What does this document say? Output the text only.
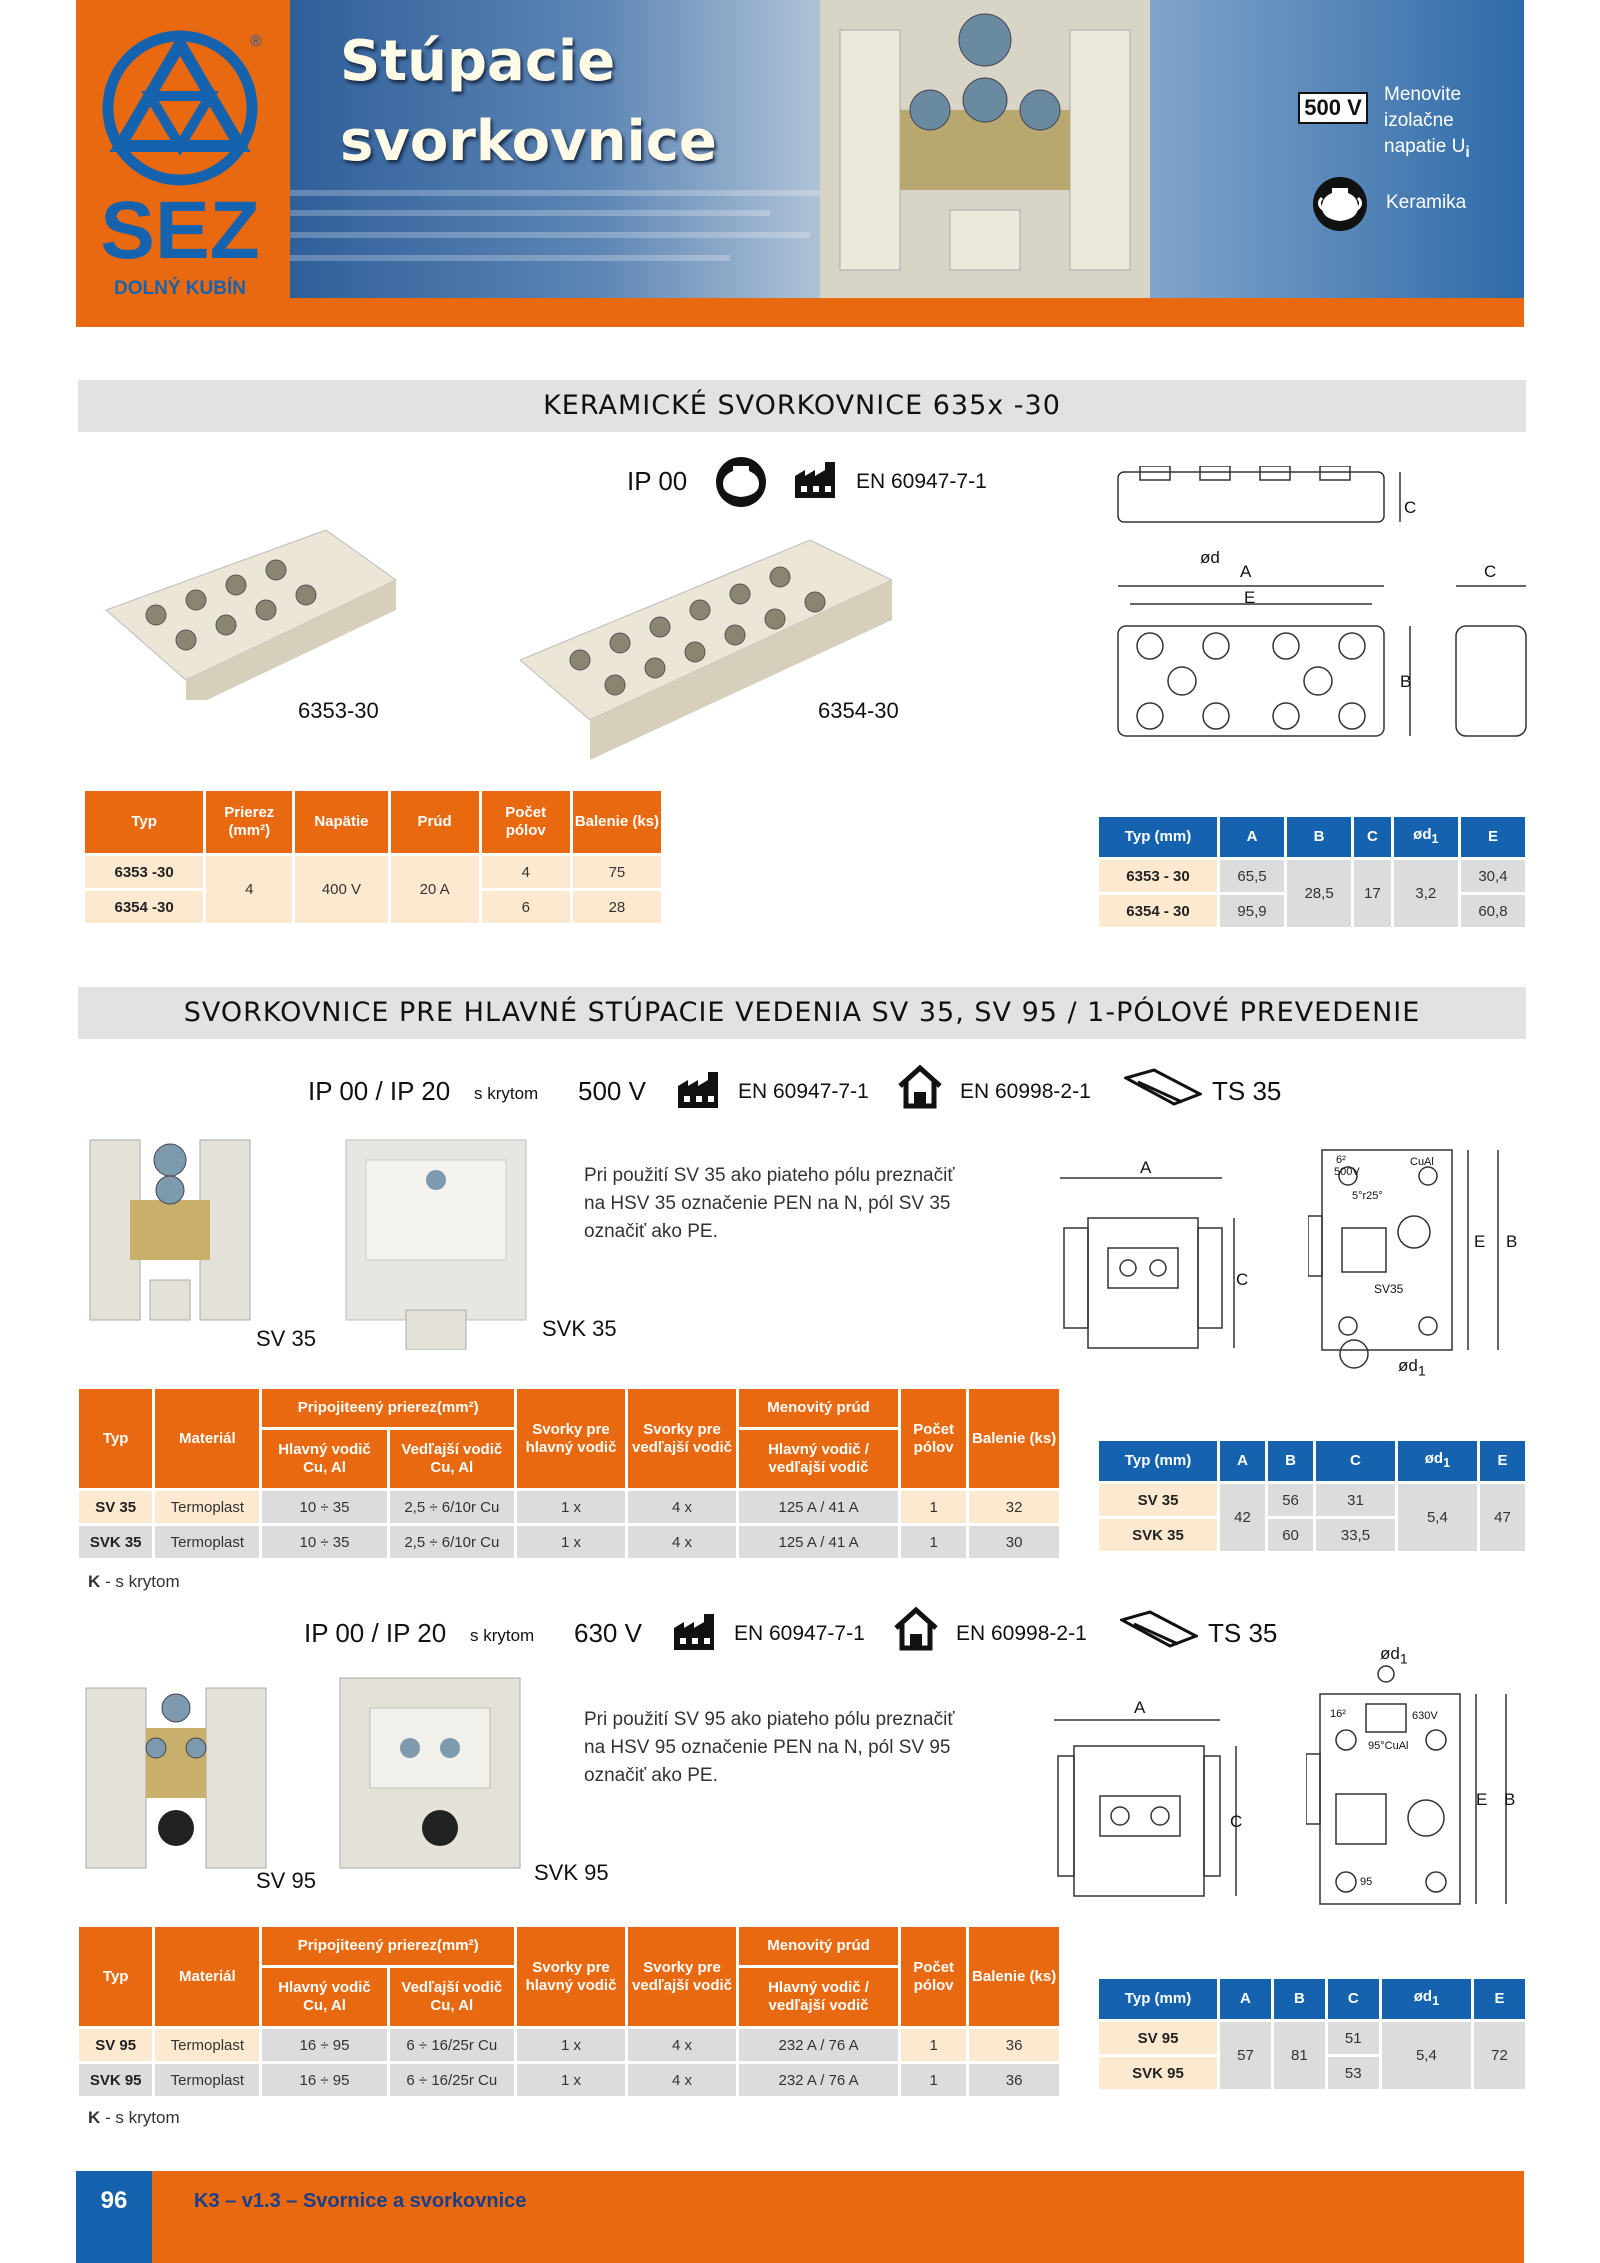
SEZ
DOLNÝ KUBÍN
® Stúpacie
svorkovnice
500 V
Menovite izolačne
napatie $U_i$
Keramika
KERAMICKÉ SVORKOVNICE 635x -30
IP 00	EN 60947-7-1
6353-30	6354-30
ød
A
E
C
C
B
Typ	Prierez (mm²)	Napätie	Prúd	Počet pólov	Balenie (ks)
6353 -30	4	400 V	20 A	4	75
6354 -30				6	28
Typ (mm)	A	B	C	$ød_1$	E
6353 - 30	65,5	28,5	17	3,2	30,4
6354 - 30	95,9				60,8
SVORKOVNICE PRE HLAVNÉ STÚPACIE VEDENIA SV 35, SV 95 / 1-PÓLOVÉ PREVEDENIE
IP 00 / IP 20 s krytom 500 V	EN 60947-7-1	EN 60998-2-1	TS 35
SV 35	SVK 35
Pri použití SV 35 ako piateho pólu preznačiť
na HSV 35 označenie PEN na N, pól SV 35
označiť ako PE.
A
C
6²
500V
CuAl
5°r25°
SV35
E B
$ød_1$
Typ	Materiál	Pripojiteený prierez(mm²)		Svorky pre hlavný vodič	Svorky pre vedľajší vodič	Menovitý prúd	Počet pólov	Balenie (ks)
		Hlavný vodič Cu, Al	Vedľajší vodič Cu, Al			Hlavný vodič / vedľajší vodič		
SV 35	Termoplast	10 ÷ 35	2,5 ÷ 6/10r Cu	1 x	4 x	125 A / 41 A	1	32
SVK 35	Termoplast	10 ÷ 35	2,5 ÷ 6/10r Cu	1 x	4 x	125 A / 41 A	1	30
K - s krytom
Typ (mm)	A	B	C	$ød_1$	E
SV 35	42	56	31	5,4	47
SVK 35		60	33,5		
IP 00 / IP 20 s krytom 630 V	EN 60947-7-1	EN 60998-2-1	TS 35
SV 95	SVK 95
Pri použití SV 95 ako piateho pólu preznačiť
na HSV 95 označenie PEN na N, pól SV 95
označiť ako PE.
A
C
16²	630V
95°CuAl
95
$ød_1$
E B
Typ	Materiál	Pripojiteený prierez(mm²)		Svorky pre hlavný vodič	Svorky pre vedľajší vodič	Menovitý prúd	Počet pólov	Balenie (ks)
		Hlavný vodič Cu, Al	Vedľajší vodič Cu, Al			Hlavný vodič / vedľajší vodič		
SV 95	Termoplast	16 ÷ 95	6 ÷ 16/25r Cu	1 x	4 x	232 A / 76 A	1	36
SVK 95	Termoplast	16 ÷ 95	6 ÷ 16/25r Cu	1 x	4 x	232 A / 76 A	1	36
K - s krytom
Typ (mm)	A	B	C	$ød_1$	E
SV 95	57	81	51	5,4	72
SVK 95			53		
96	K3 – v1.3 – Svornice a svorkovnice
